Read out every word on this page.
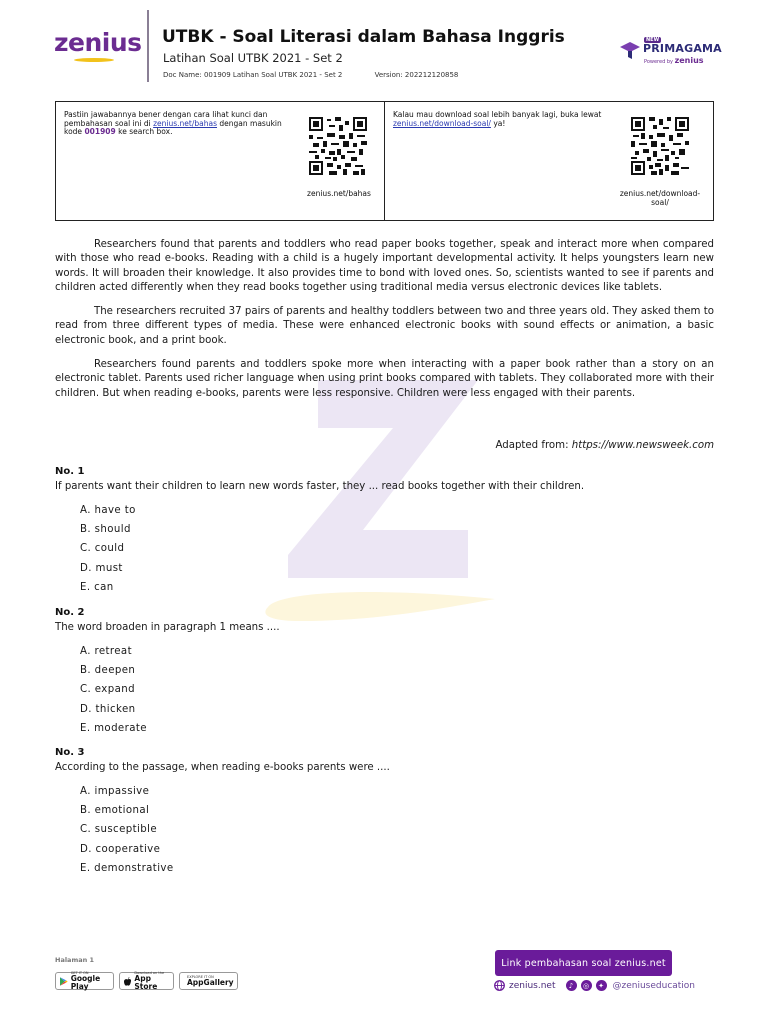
zenius UTBK - Soal Literasi dalam Bahasa Inggris
Latihan Soal UTBK 2021 - Set 2
Doc Name: 001909 Latihan Soal UTBK 2021 - Set 2	Version: 202212120858
NEW
PRIMAGAMA
Powered by zenius
Pastiin jawabannya bener dengan cara lihat kunci dan pembahasan soal ini di zenius.net/bahas dengan masukin kode 001909 ke search box.
zenius.net/bahas
Kalau mau download soal lebih banyak lagi, buka lewat zenius.net/download-soal/ ya!
zenius.net/download-soal/

Researchers found that parents and toddlers who read paper books together, speak and interact more when compared with those who read e-books. Reading with a child is a hugely important developmental activity. It helps youngsters learn new words. It will broaden their knowledge. It also provides time to bond with loved ones. So, scientists wanted to see if parents and children acted differently when they read books together using traditional media versus electronic devices like tablets.

The researchers recruited 37 pairs of parents and healthy toddlers between two and three years old. They asked them to read from three different types of media. These were enhanced electronic books with sound effects or animation, a basic electronic book, and a print book.

Researchers found parents and toddlers spoke more when interacting with a paper book rather than a story on an electronic tablet. Parents used richer language when using print books compared with tablets. They collaborated more with their children. But when reading e-books, parents were less responsive. Children were less engaged with their parents.

Adapted from: https://www.newsweek.com
No. 1
If parents want their children to learn new words faster, they ... read books together with their children.
A. have to
B. should
C. could
D. must
E. can
No. 2
The word broaden in paragraph 1 means ....
A. retreat
B. deepen
C. expand
D. thicken
E. moderate
No. 3
According to the passage, when reading e-books parents were ....
A. impassive
B. emotional
C. susceptible
D. cooperative
E. demonstrative
Halaman 1
GET IT ON
Google Play
Download on the
App Store
EXPLORE IT ON
AppGallery
Link pembahasan soal zenius.net
zenius.net	♪	◎	✦ @zeniuseducation
